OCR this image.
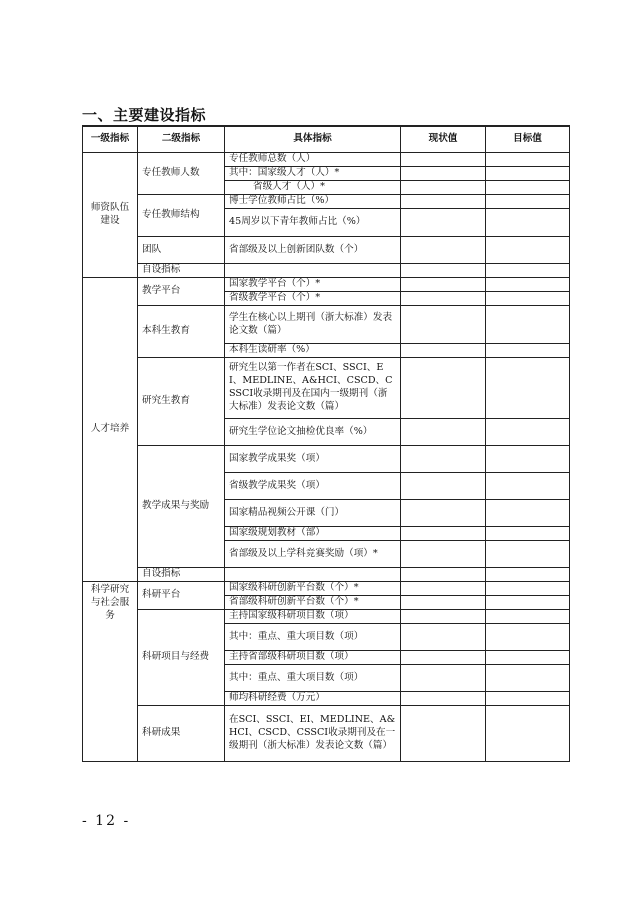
一、主要建设指标
一级指标	二级指标	具体指标	现状值	目标值
师资队伍建设	专任教师人数	专任教师总数（人）		
		其中：国家级人才（人）*		
		省级人才（人）*		
	专任教师结构	博士学位教师占比（%）		
		45周岁以下青年教师占比（%）		
	团队	省部级及以上创新团队数（个）		
	自设指标			
人才培养	教学平台	国家教学平台（个）*		
		省级教学平台（个）*		
	本科生教育	学生在核心以上期刊（浙大标准）发表论文数（篇）		
		本科生读研率（%）		
	研究生教育	研究生以第一作者在SCI、SSCI、EI、MEDLINE、A&HCI、CSCD、CSSCI收录期刊及在国内一级期刊（浙大标准）发表论文数（篇）		
		研究生学位论文抽检优良率（%）		
	教学成果与奖励	国家教学成果奖（项）		
		省级教学成果奖（项）		
		国家精品视频公开课（门）		
		国家级规划教材（部）		
		省部级及以上学科竞赛奖励（项）*		
	自设指标			
科学研究与社会服务	科研平台	国家级科研创新平台数（个）*		
		省部级科研创新平台数（个）*		
	科研项目与经费	主持国家级科研项目数（项）		
		其中：重点、重大项目数（项）		
		主持省部级科研项目数（项）		
		其中：重点、重大项目数（项）		
		师均科研经费（万元）		
	科研成果	在SCI、SSCI、EI、MEDLINE、A&HCI、CSCD、CSSCI收录期刊及在一级期刊（浙大标准）发表论文数（篇）		
- 12 -
